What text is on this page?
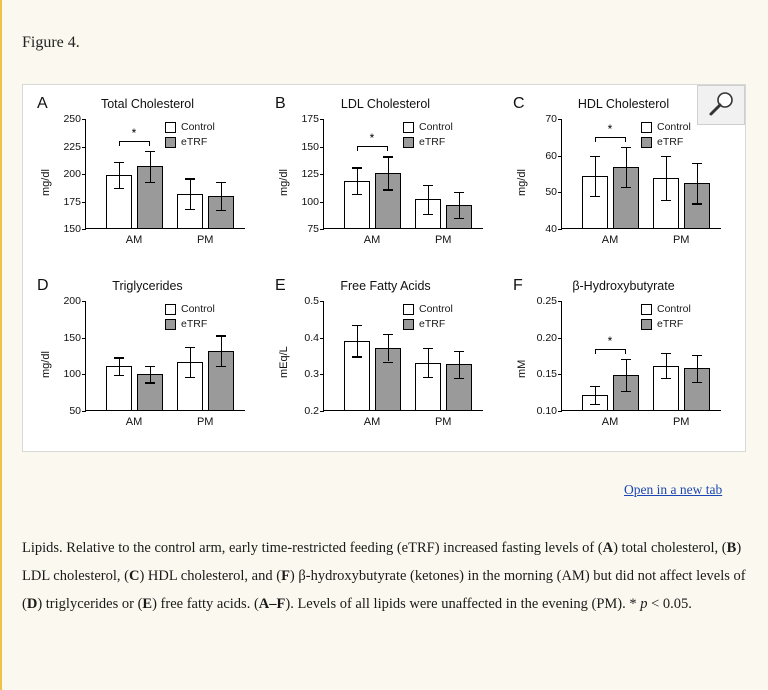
Figure 4.
A	Total Cholesterol
150
175
200
225
250
mg/dl
AM	PM
*	Control
eTRF
B	LDL Cholesterol
75
100
125
150
175
mg/dl
AM	PM
*
Control
eTRF
C	HDL Cholesterol
40
50
60
70
mg/dl
AM	PM
*	Control
eTRF
D	Triglycerides
50
100
150
200
mg/dl
AM	PM
Control
eTRF
E	Free Fatty Acids
0.2
0.3
0.4
0.5
mEq/L
AM	PM
Control
eTRF
F	β-Hydroxybutyrate
0.10
0.15
0.20
0.25
mM
AM	PM
*
Control
eTRF
Open in a new tab
Lipids. Relative to the control arm, early time-restricted feeding (eTRF) increased fasting levels of (A) total cholesterol, (B) LDL cholesterol, (C) HDL cholesterol, and (F) β-hydroxybutyrate (ketones) in the morning (AM) but did not affect levels of (D) triglycerides or (E) free fatty acids. (A–F). Levels of all lipids were unaffected in the evening (PM). * p < 0.05.
